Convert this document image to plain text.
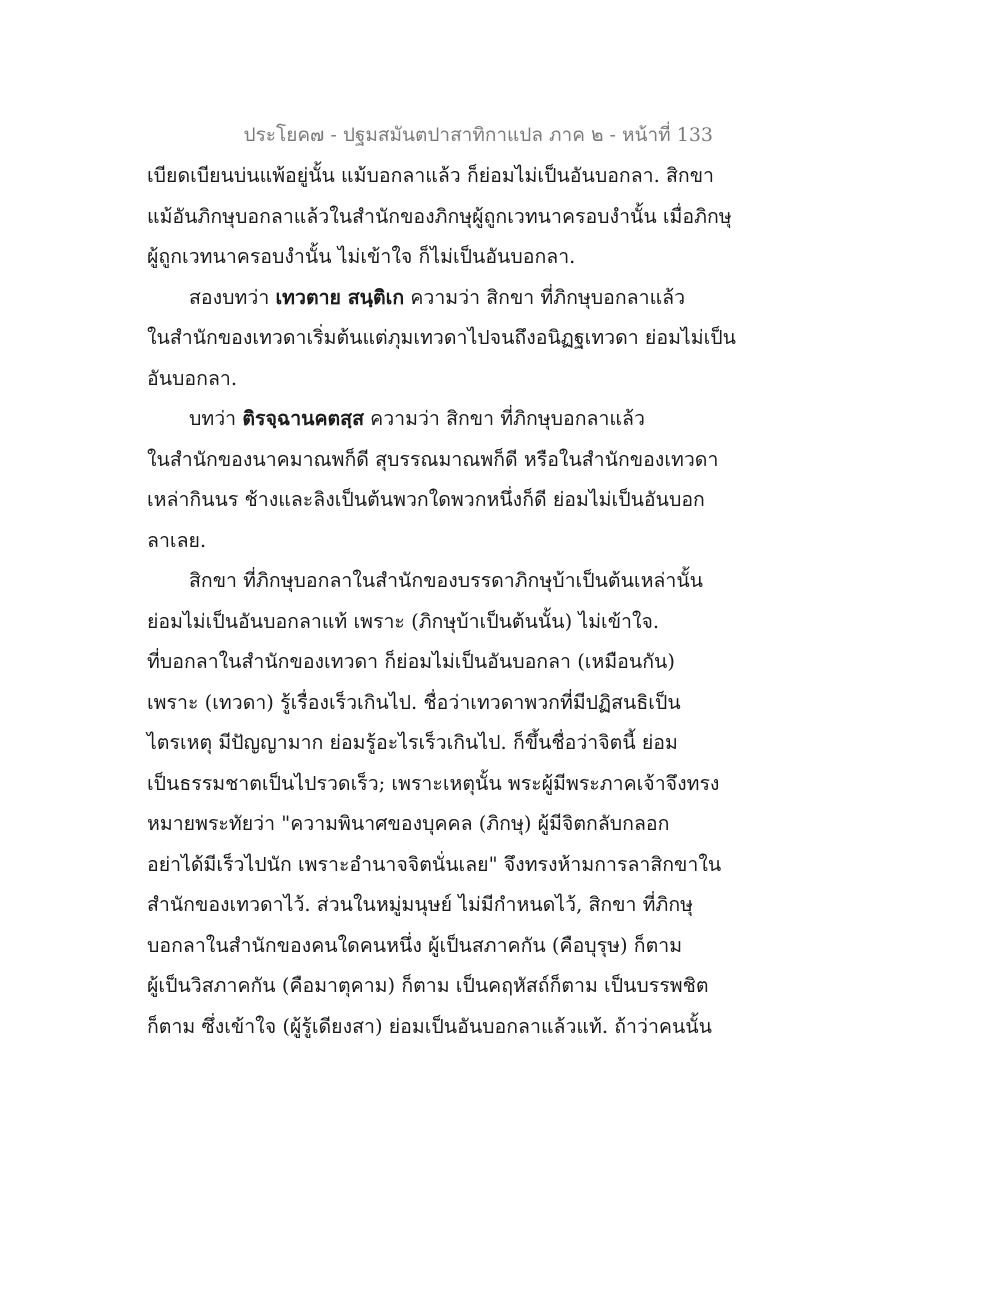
ประโยค๗ - ปฐมสมันตปาสาทิกาแปล ภาค ๒ - หน้าที่ 133
เบียดเบียนบ่นแพ้อยู่นั้น แม้บอกลาแล้ว ก็ย่อมไม่เป็นอันบอกลา. สิกขา
แม้อันภิกษุบอกลาแล้วในสำนักของภิกษุผู้ถูกเวทนาครอบงำนั้น เมื่อภิกษุ
ผู้ถูกเวทนาครอบงำนั้น ไม่เข้าใจ ก็ไม่เป็นอันบอกลา.
สองบทว่า เทวตาย สนฺติเก ความว่า สิกขา ที่ภิกษุบอกลาแล้ว
ในสำนักของเทวดาเริ่มต้นแต่ภุมเทวดาไปจนถึงอนิฏฐเทวดา ย่อมไม่เป็น
อันบอกลา.
บทว่า ติรจฺฉานคตสฺส ความว่า สิกขา ที่ภิกษุบอกลาแล้ว
ในสำนักของนาคมาณพก็ดี สุบรรณมาณพก็ดี หรือในสำนักของเทวดา
เหล่ากินนร ช้างและลิงเป็นต้นพวกใดพวกหนึ่งก็ดี ย่อมไม่เป็นอันบอก
ลาเลย.
สิกขา ที่ภิกษุบอกลาในสำนักของบรรดาภิกษุบ้าเป็นต้นเหล่านั้น
ย่อมไม่เป็นอันบอกลาแท้ เพราะ (ภิกษุบ้าเป็นต้นนั้น) ไม่เข้าใจ.
ที่บอกลาในสำนักของเทวดา ก็ย่อมไม่เป็นอันบอกลา (เหมือนกัน)
เพราะ (เทวดา) รู้เรื่องเร็วเกินไป. ชื่อว่าเทวดาพวกที่มีปฏิสนธิเป็น
ไตรเหตุ มีปัญญามาก ย่อมรู้อะไรเร็วเกินไป. ก็ขึ้นชื่อว่าจิตนี้ ย่อม
เป็นธรรมชาตเป็นไปรวดเร็ว; เพราะเหตุนั้น พระผู้มีพระภาคเจ้าจึงทรง
หมายพระทัยว่า "ความพินาศของบุคคล (ภิกษุ) ผู้มีจิตกลับกลอก
อย่าได้มีเร็วไปนัก เพราะอำนาจจิตนั่นเลย" จึงทรงห้ามการลาสิกขาใน
สำนักของเทวดาไว้. ส่วนในหมู่มนุษย์ ไม่มีกำหนดไว้, สิกขา ที่ภิกษุ
บอกลาในสำนักของคนใดคนหนึ่ง ผู้เป็นสภาคกัน (คือบุรุษ) ก็ตาม
ผู้เป็นวิสภาคกัน (คือมาตุคาม) ก็ตาม เป็นคฤหัสถ์ก็ตาม เป็นบรรพชิต
ก็ตาม ซึ่งเข้าใจ (ผู้รู้เดียงสา) ย่อมเป็นอันบอกลาแล้วแท้. ถ้าว่าคนนั้น
